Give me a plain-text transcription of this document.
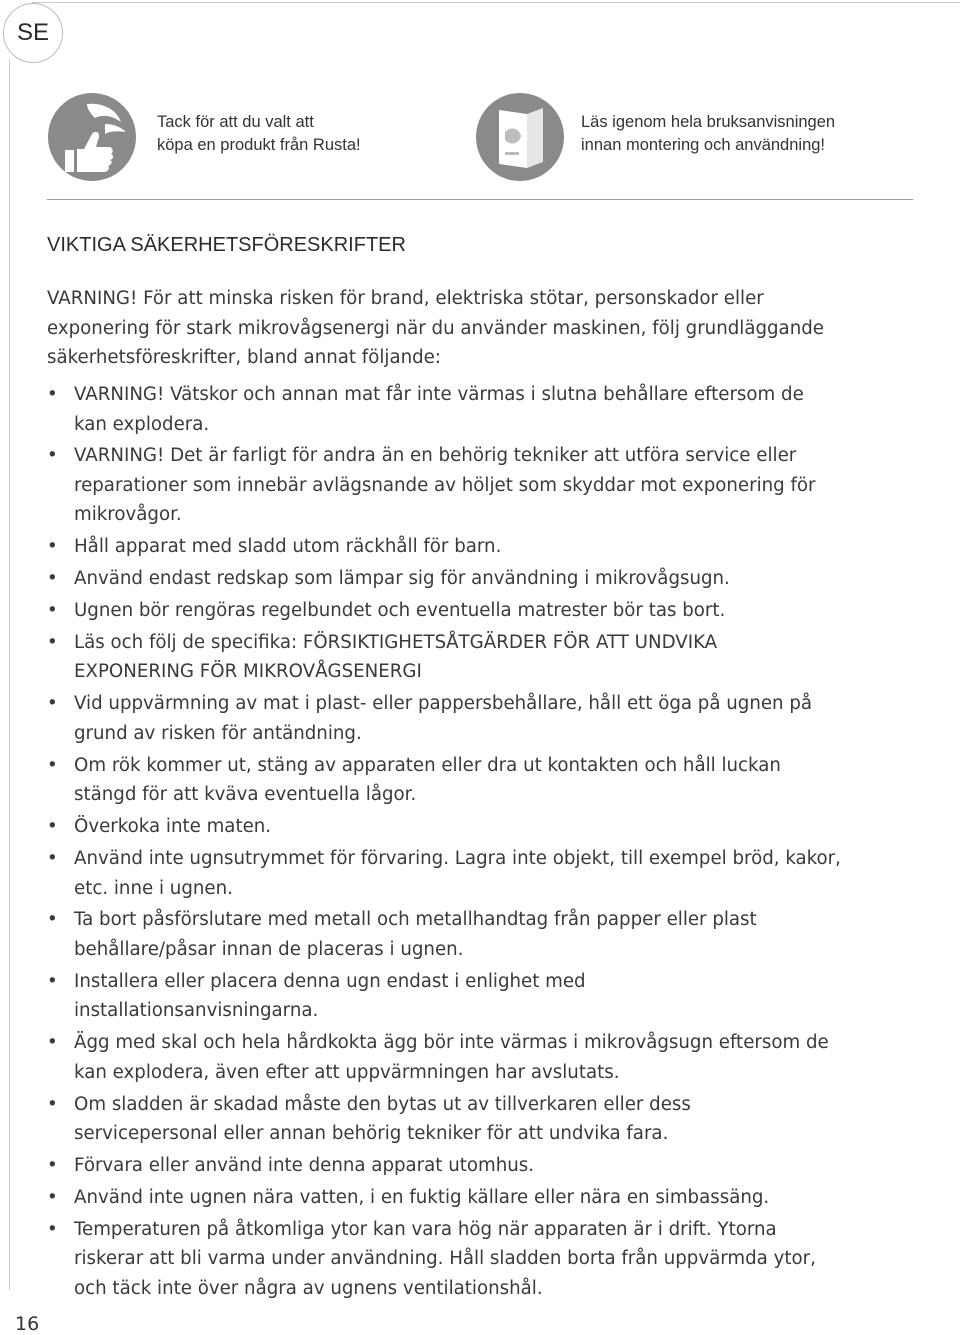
SE
Tack för att du valt att
köpa en produkt från Rusta!
Läs igenom hela bruksanvisningen
innan montering och användning!
VIKTIGA SÄKERHETSFÖRESKRIFTER
VARNING! För att minska risken för brand, elektriska stötar, personskador eller
exponering för stark mikrovågsenergi när du använder maskinen, följ grundläggande
säkerhetsföreskrifter, bland annat följande:
• VARNING! Vätskor och annan mat får inte värmas i slutna behållare eftersom de
kan explodera.
• VARNING! Det är farligt för andra än en behörig tekniker att utföra service eller
reparationer som innebär avlägsnande av höljet som skyddar mot exponering för
mikrovågor.
• Håll apparat med sladd utom räckhåll för barn.
• Använd endast redskap som lämpar sig för användning i mikrovågsugn.
• Ugnen bör rengöras regelbundet och eventuella matrester bör tas bort.
• Läs och följ de specifika: FÖRSIKTIGHETSÅTGÄRDER FÖR ATT UNDVIKA
EXPONERING FÖR MIKROVÅGSENERGI
• Vid uppvärmning av mat i plast- eller pappersbehållare, håll ett öga på ugnen på
grund av risken för antändning.
• Om rök kommer ut, stäng av apparaten eller dra ut kontakten och håll luckan
stängd för att kväva eventuella lågor.
• Överkoka inte maten.
• Använd inte ugnsutrymmet för förvaring. Lagra inte objekt, till exempel bröd, kakor,
etc. inne i ugnen.
• Ta bort påsförslutare med metall och metallhandtag från papper eller plast
behållare/påsar innan de placeras i ugnen.
• Installera eller placera denna ugn endast i enlighet med
installationsanvisningarna.
• Ägg med skal och hela hårdkokta ägg bör inte värmas i mikrovågsugn eftersom de
kan explodera, även efter att uppvärmningen har avslutats.
• Om sladden är skadad måste den bytas ut av tillverkaren eller dess
servicepersonal eller annan behörig tekniker för att undvika fara.
• Förvara eller använd inte denna apparat utomhus.
• Använd inte ugnen nära vatten, i en fuktig källare eller nära en simbassäng.
• Temperaturen på åtkomliga ytor kan vara hög när apparaten är i drift. Ytorna
riskerar att bli varma under användning. Håll sladden borta från uppvärmda ytor,
och täck inte över några av ugnens ventilationshål.
16
